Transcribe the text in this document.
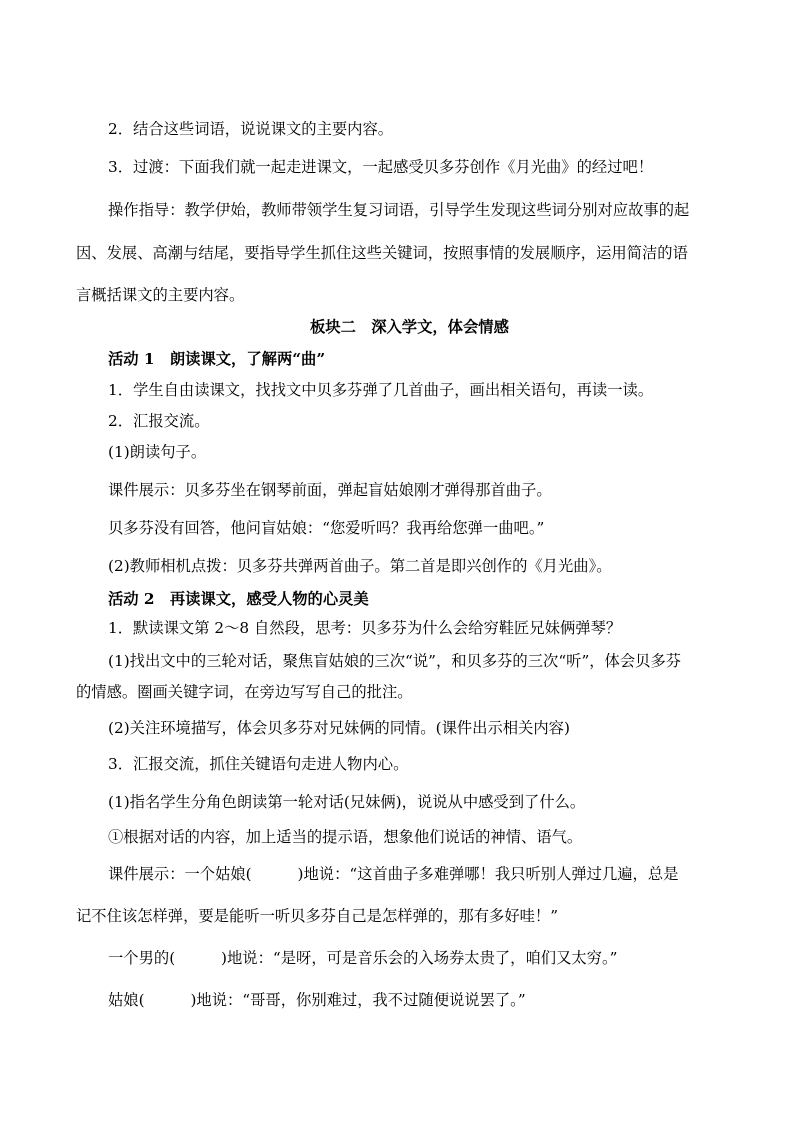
2．结合这些词语，说说课文的主要内容。
3．过渡：下面我们就一起走进课文，一起感受贝多芬创作《月光曲》的经过吧！
操作指导：教学伊始，教师带领学生复习词语，引导学生发现这些词分别对应故事的起
因、发展、高潮与结尾，要指导学生抓住这些关键词，按照事情的发展顺序，运用简洁的语
言概括课文的主要内容。
板块二　深入学文，体会情感
活动 1　朗读课文，了解两“曲”
1．学生自由读课文，找找文中贝多芬弹了几首曲子，画出相关语句，再读一读。
2．汇报交流。
(1)朗读句子。
课件展示：贝多芬坐在钢琴前面，弹起盲姑娘刚才弹得那首曲子。
贝多芬没有回答，他问盲姑娘：“您爱听吗？我再给您弹一曲吧。”
(2)教师相机点拨：贝多芬共弹两首曲子。第二首是即兴创作的《月光曲》。
活动 2　再读课文，感受人物的心灵美
1．默读课文第 2～8 自然段，思考：贝多芬为什么会给穷鞋匠兄妹俩弹琴？
(1)找出文中的三轮对话，聚焦盲姑娘的三次“说”，和贝多芬的三次“听”，体会贝多芬
的情感。圈画关键字词，在旁边写写自己的批注。
(2)关注环境描写，体会贝多芬对兄妹俩的同情。(课件出示相关内容)
3．汇报交流，抓住关键语句走进人物内心。
(1)指名学生分角色朗读第一轮对话(兄妹俩)，说说从中感受到了什么。
①根据对话的内容，加上适当的提示语，想象他们说话的神情、语气。
课件展示：一个姑娘(　　　)地说：“这首曲子多难弹哪！我只听别人弹过几遍，总是
记不住该怎样弹，要是能听一听贝多芬自己是怎样弹的，那有多好哇！”
一个男的(　　　)地说：“是呀，可是音乐会的入场券太贵了，咱们又太穷。”
姑娘(　　　)地说：“哥哥，你别难过，我不过随便说说罢了。”
